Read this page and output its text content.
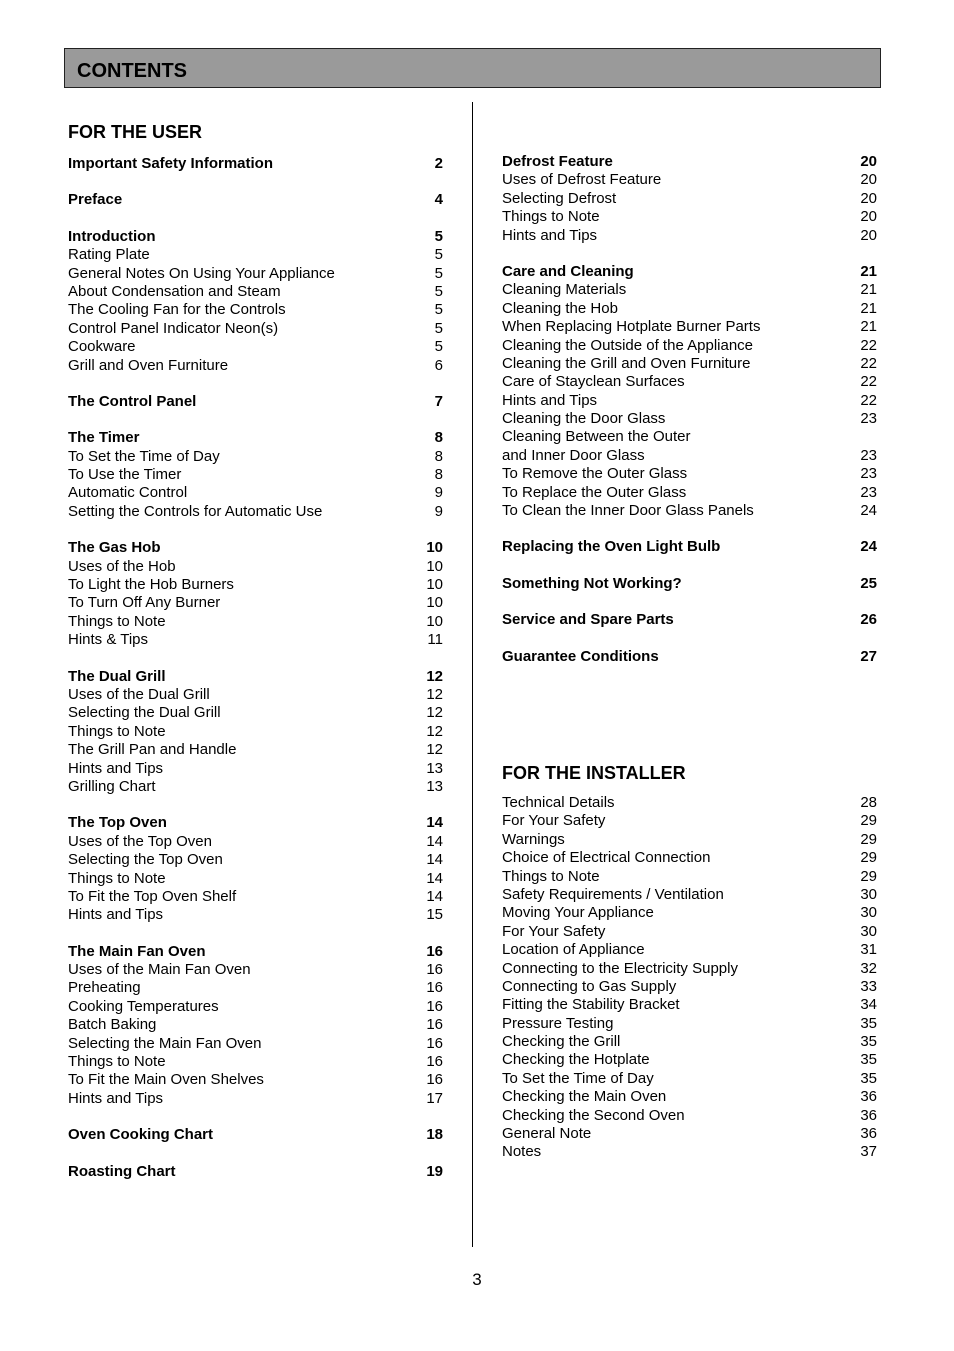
CONTENTS
FOR THE USER
Important Safety Information	2
Preface	4
Introduction	5
Rating Plate	5
General Notes On Using Your Appliance	5
About Condensation and Steam	5
The Cooling Fan for the Controls	5
Control Panel Indicator Neon(s)	5
Cookware	5
Grill and Oven Furniture	6
The Control Panel	7
The Timer	8
To Set the Time of Day	8
To Use the Timer	8
Automatic Control	9
Setting the Controls for Automatic Use	9
The Gas Hob	10
Uses of the Hob	10
To Light the Hob Burners	10
To Turn Off Any Burner	10
Things to Note	10
Hints & Tips	11
The Dual Grill	12
Uses of the Dual Grill	12
Selecting the Dual Grill	12
Things to Note	12
The Grill Pan and Handle	12
Hints and Tips	13
Grilling Chart	13
The Top Oven	14
Uses of the Top Oven	14
Selecting the Top Oven	14
Things to Note	14
To Fit the Top Oven Shelf	14
Hints and Tips	15
The Main Fan Oven	16
Uses of the Main Fan Oven	16
Preheating	16
Cooking Temperatures	16
Batch Baking	16
Selecting the Main Fan Oven	16
Things to Note	16
To Fit the Main Oven Shelves	16
Hints and Tips	17
Oven Cooking Chart	18
Roasting Chart	19
Defrost Feature	20
Uses of Defrost Feature	20
Selecting Defrost	20
Things to Note	20
Hints and Tips	20
Care and Cleaning	21
Cleaning Materials	21
Cleaning the Hob	21
When Replacing Hotplate Burner Parts	21
Cleaning the Outside of the Appliance	22
Cleaning the Grill and Oven Furniture	22
Care of Stayclean Surfaces	22
Hints and Tips	22
Cleaning the Door Glass	23
Cleaning Between the Outer
and Inner Door Glass	23
To Remove the Outer Glass	23
To Replace the Outer Glass	23
To Clean the Inner Door Glass Panels	24
Replacing the Oven Light Bulb	24
Something Not Working?	25
Service and Spare Parts	26
Guarantee Conditions	27
FOR THE INSTALLER
Technical Details	28
For Your Safety	29
Warnings	29
Choice of Electrical Connection	29
Things to Note	29
Safety Requirements / Ventilation	30
Moving Your Appliance	30
For Your Safety	30
Location of Appliance	31
Connecting to the Electricity Supply	32
Connecting to Gas Supply	33
Fitting the Stability Bracket	34
Pressure Testing	35
Checking the Grill	35
Checking the Hotplate	35
To Set the Time of Day	35
Checking the Main Oven	36
Checking the Second Oven	36
General Note	36
Notes	37
3
